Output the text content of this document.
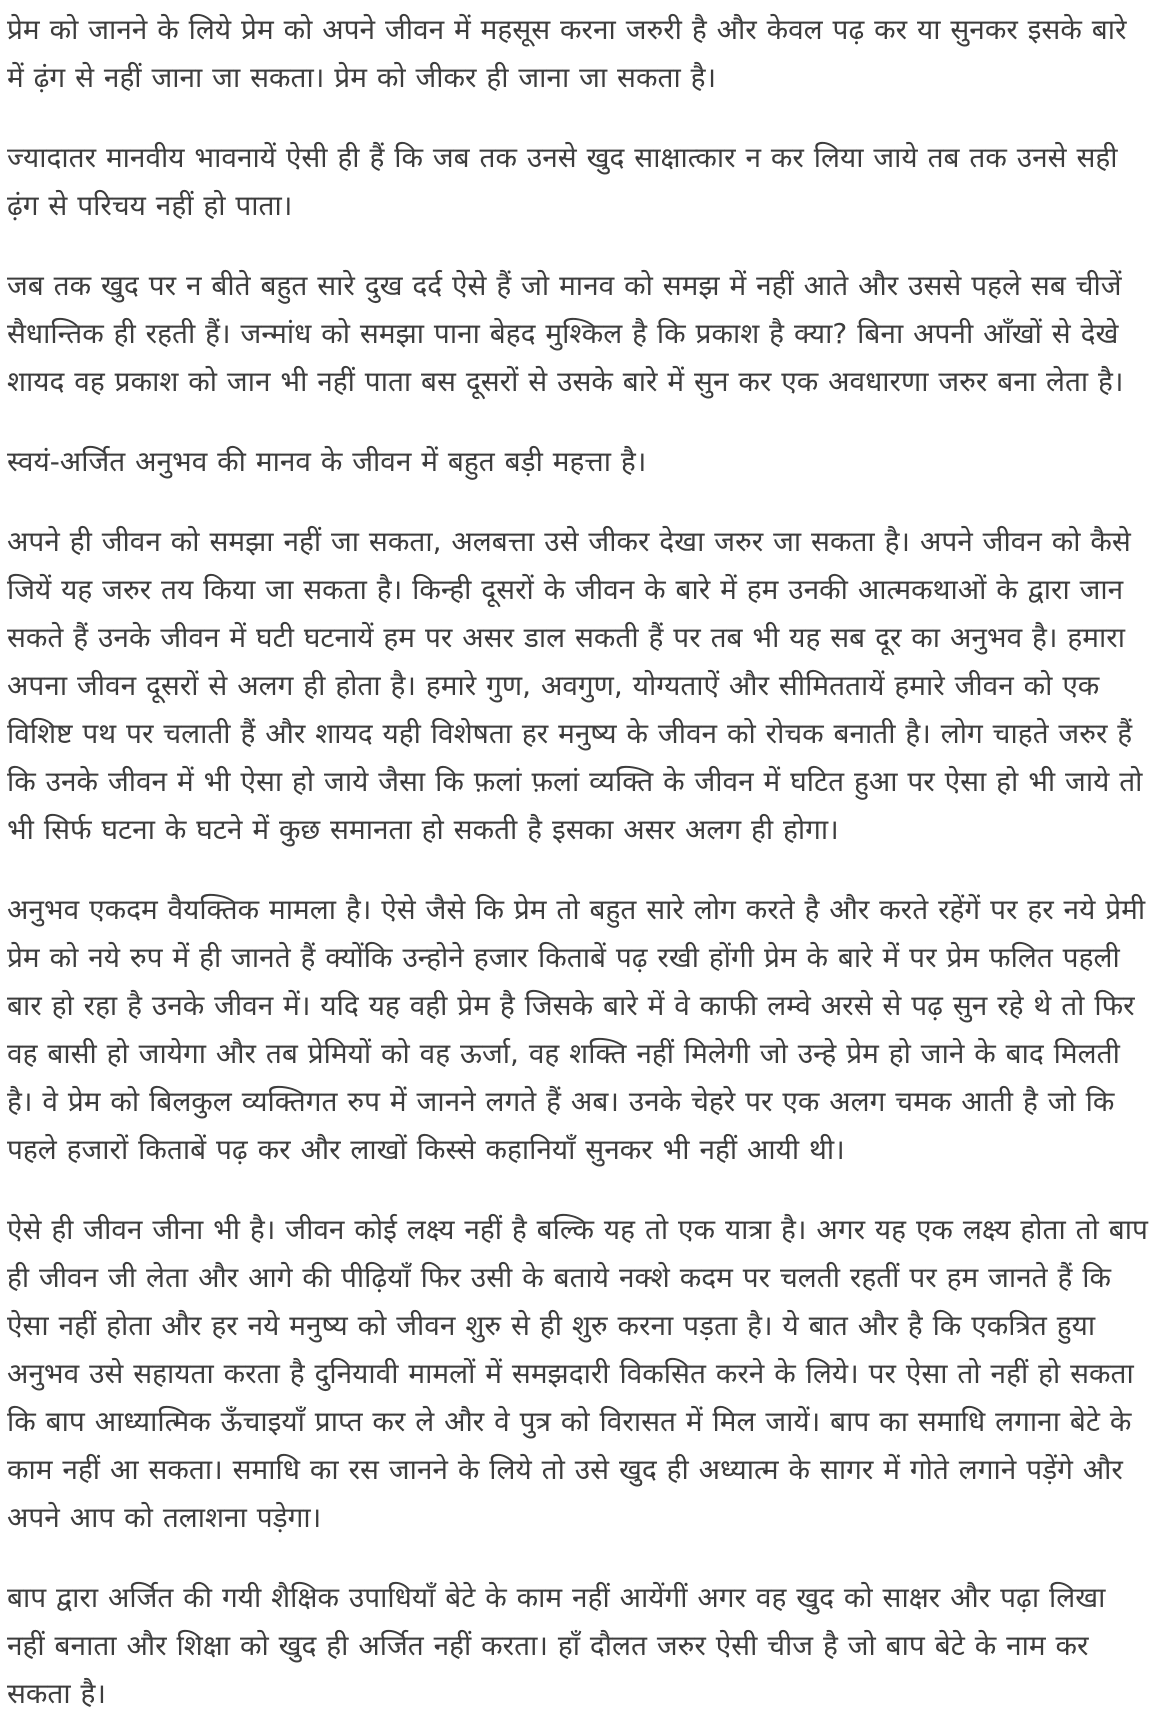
प्रेम को जानने के लिये प्रेम को अपने जीवन में महसूस करना जरुरी है और केवल पढ़ कर या सुनकर इसके बारे में ढ़ंग से नहीं जाना जा सकता। प्रेम को जीकर ही जाना जा सकता है।

ज्यादातर मानवीय भावनायें ऐसी ही हैं कि जब तक उनसे खुद साक्षात्कार न कर लिया जाये तब तक उनसे सही ढ़ंग से परिचय नहीं हो पाता।

जब तक खुद पर न बीते बहुत सारे दुख दर्द ऐसे हैं जो मानव को समझ में नहीं आते और उससे पहले सब चीजें सैधान्तिक ही रहती हैं। जन्मांध को समझा पाना बेहद मुश्किल है कि प्रकाश है क्या? बिना अपनी आँखों से देखे शायद वह प्रकाश को जान भी नहीं पाता बस दूसरों से उसके बारे में सुन कर एक अवधारणा जरुर बना लेता है।

स्वयं-अर्जित अनुभव की मानव के जीवन में बहुत बड़ी महत्ता है।

अपने ही जीवन को समझा नहीं जा सकता, अलबत्ता उसे जीकर देखा जरुर जा सकता है। अपने जीवन को कैसे जियें यह जरुर तय किया जा सकता है। किन्ही दूसरों के जीवन के बारे में हम उनकी आत्मकथाओं के द्वारा जान सकते हैं उनके जीवन में घटी घटनायें हम पर असर डाल सकती हैं पर तब भी यह सब दूर का अनुभव है। हमारा अपना जीवन दूसरों से अलग ही होता है। हमारे गुण, अवगुण, योग्यताऐं और सीमिततायें हमारे जीवन को एक विशिष्ट पथ पर चलाती हैं और शायद यही विशेषता हर मनुष्य के जीवन को रोचक बनाती है। लोग चाहते जरुर हैं कि उनके जीवन में भी ऐसा हो जाये जैसा कि फ़लां फ़लां व्यक्ति के जीवन में घटित हुआ पर ऐसा हो भी जाये तो भी सिर्फ घटना के घटने में कुछ समानता हो सकती है इसका असर अलग ही होगा।

अनुभव एकदम वैयक्तिक मामला है। ऐसे जैसे कि प्रेम तो बहुत सारे लोग करते है और करते रहेंगें पर हर नये प्रेमी प्रेम को नये रुप में ही जानते हैं क्योंकि उन्होने हजार किताबें पढ़ रखी होंगी प्रेम के बारे में पर प्रेम फलित पहली बार हो रहा है उनके जीवन में। यदि यह वही प्रेम है जिसके बारे में वे काफी लम्वे अरसे से पढ़ सुन रहे थे तो फिर वह बासी हो जायेगा और तब प्रेमियों को वह ऊर्जा, वह शक्ति नहीं मिलेगी जो उन्हे प्रेम हो जाने के बाद मिलती है। वे प्रेम को बिलकुल व्यक्तिगत रुप में जानने लगते हैं अब। उनके चेहरे पर एक अलग चमक आती है जो कि पहले हजारों किताबें पढ़ कर और लाखों किस्से कहानियाँ सुनकर भी नहीं आयी थी।

ऐसे ही जीवन जीना भी है। जीवन कोई लक्ष्य नहीं है बल्कि यह तो एक यात्रा है। अगर यह एक लक्ष्य होता तो बाप ही जीवन जी लेता और आगे की पीढ़ियाँ फिर उसी के बताये नक्शे कदम पर चलती रहतीं पर हम जानते हैं कि ऐसा नहीं होता और हर नये मनुष्य को जीवन शुरु से ही शुरु करना पड़ता है। ये बात और है कि एकत्रित हुया अनुभव उसे सहायता करता है दुनियावी मामलों में समझदारी विकसित करने के लिये। पर ऐसा तो नहीं हो सकता कि बाप आध्यात्मिक ऊँचाइयाँ प्राप्त कर ले और वे पुत्र को विरासत में मिल जायें। बाप का समाधि लगाना बेटे के काम नहीं आ सकता। समाधि का रस जानने के लिये तो उसे खुद ही अध्यात्म के सागर में गोते लगाने पड़ेंगे और अपने आप को तलाशना पड़ेगा।

बाप द्वारा अर्जित की गयी शैक्षिक उपाधियाँ बेटे के काम नहीं आयेंगीं अगर वह खुद को साक्षर और पढ़ा लिखा नहीं बनाता और शिक्षा को खुद ही अर्जित नहीं करता। हाँ दौलत जरुर ऐसी चीज है जो बाप बेटे के नाम कर सकता है।
